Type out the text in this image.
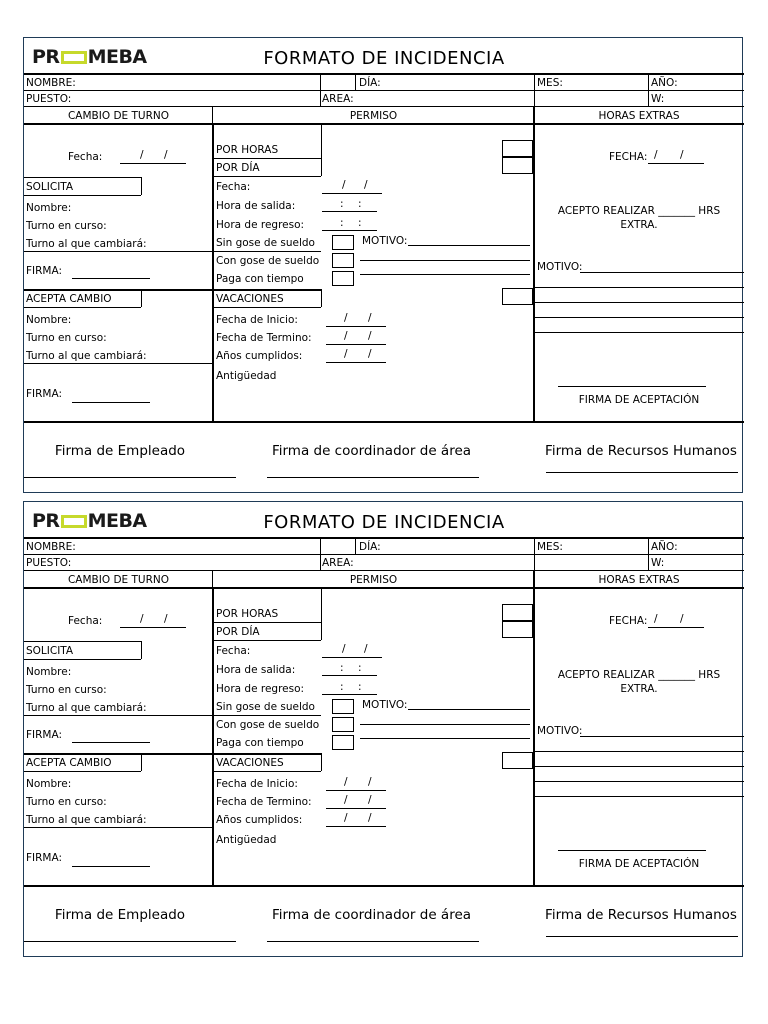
PR MEBA	FORMATO DE INCIDENCIA
NOMBRE:	DÍA:	MES:	AÑO:
PUESTO:	AREA:	W:
CAMBIO DE TURNO	PERMISO	HORAS EXTRAS
Fecha:	/ /
SOLICITA
Nombre:
Turno en curso:
Turno al que cambiará:
FIRMA:
ACEPTA CAMBIO
Nombre:
Turno en curso:
Turno al que cambiará:
FIRMA:
POR HORAS
POR DÍA
Fecha:	/ /
Hora de salida:	: :
Hora de regreso:	: :
Sin gose de sueldo	MOTIVO:
Con gose de sueldo
Paga con tiempo
VACACIONES
Fecha de Inicio:	/ /
Fecha de Termino:	/ /
Años cumplidos:	/ /
Antigüedad
FECHA: / /
ACEPTO REALIZAR _______ HRS
EXTRA.
MOTIVO:
FIRMA DE ACEPTACIÓN
Firma de Empleado	Firma de coordinador de área	Firma de Recursos Humanos
PR MEBA	FORMATO DE INCIDENCIA
NOMBRE:	DÍA:	MES:	AÑO:
PUESTO:	AREA:	W:
CAMBIO DE TURNO	PERMISO	HORAS EXTRAS
Fecha:	/ /
SOLICITA
Nombre:
Turno en curso:
Turno al que cambiará:
FIRMA:
ACEPTA CAMBIO
Nombre:
Turno en curso:
Turno al que cambiará:
FIRMA:
POR HORAS
POR DÍA
Fecha:	/ /
Hora de salida:	: :
Hora de regreso:	: :
Sin gose de sueldo	MOTIVO:
Con gose de sueldo
Paga con tiempo
VACACIONES
Fecha de Inicio:	/ /
Fecha de Termino:	/ /
Años cumplidos:	/ /
Antigüedad
FECHA: / /
ACEPTO REALIZAR _______ HRS
EXTRA.
MOTIVO:
FIRMA DE ACEPTACIÓN
Firma de Empleado	Firma de coordinador de área	Firma de Recursos Humanos
